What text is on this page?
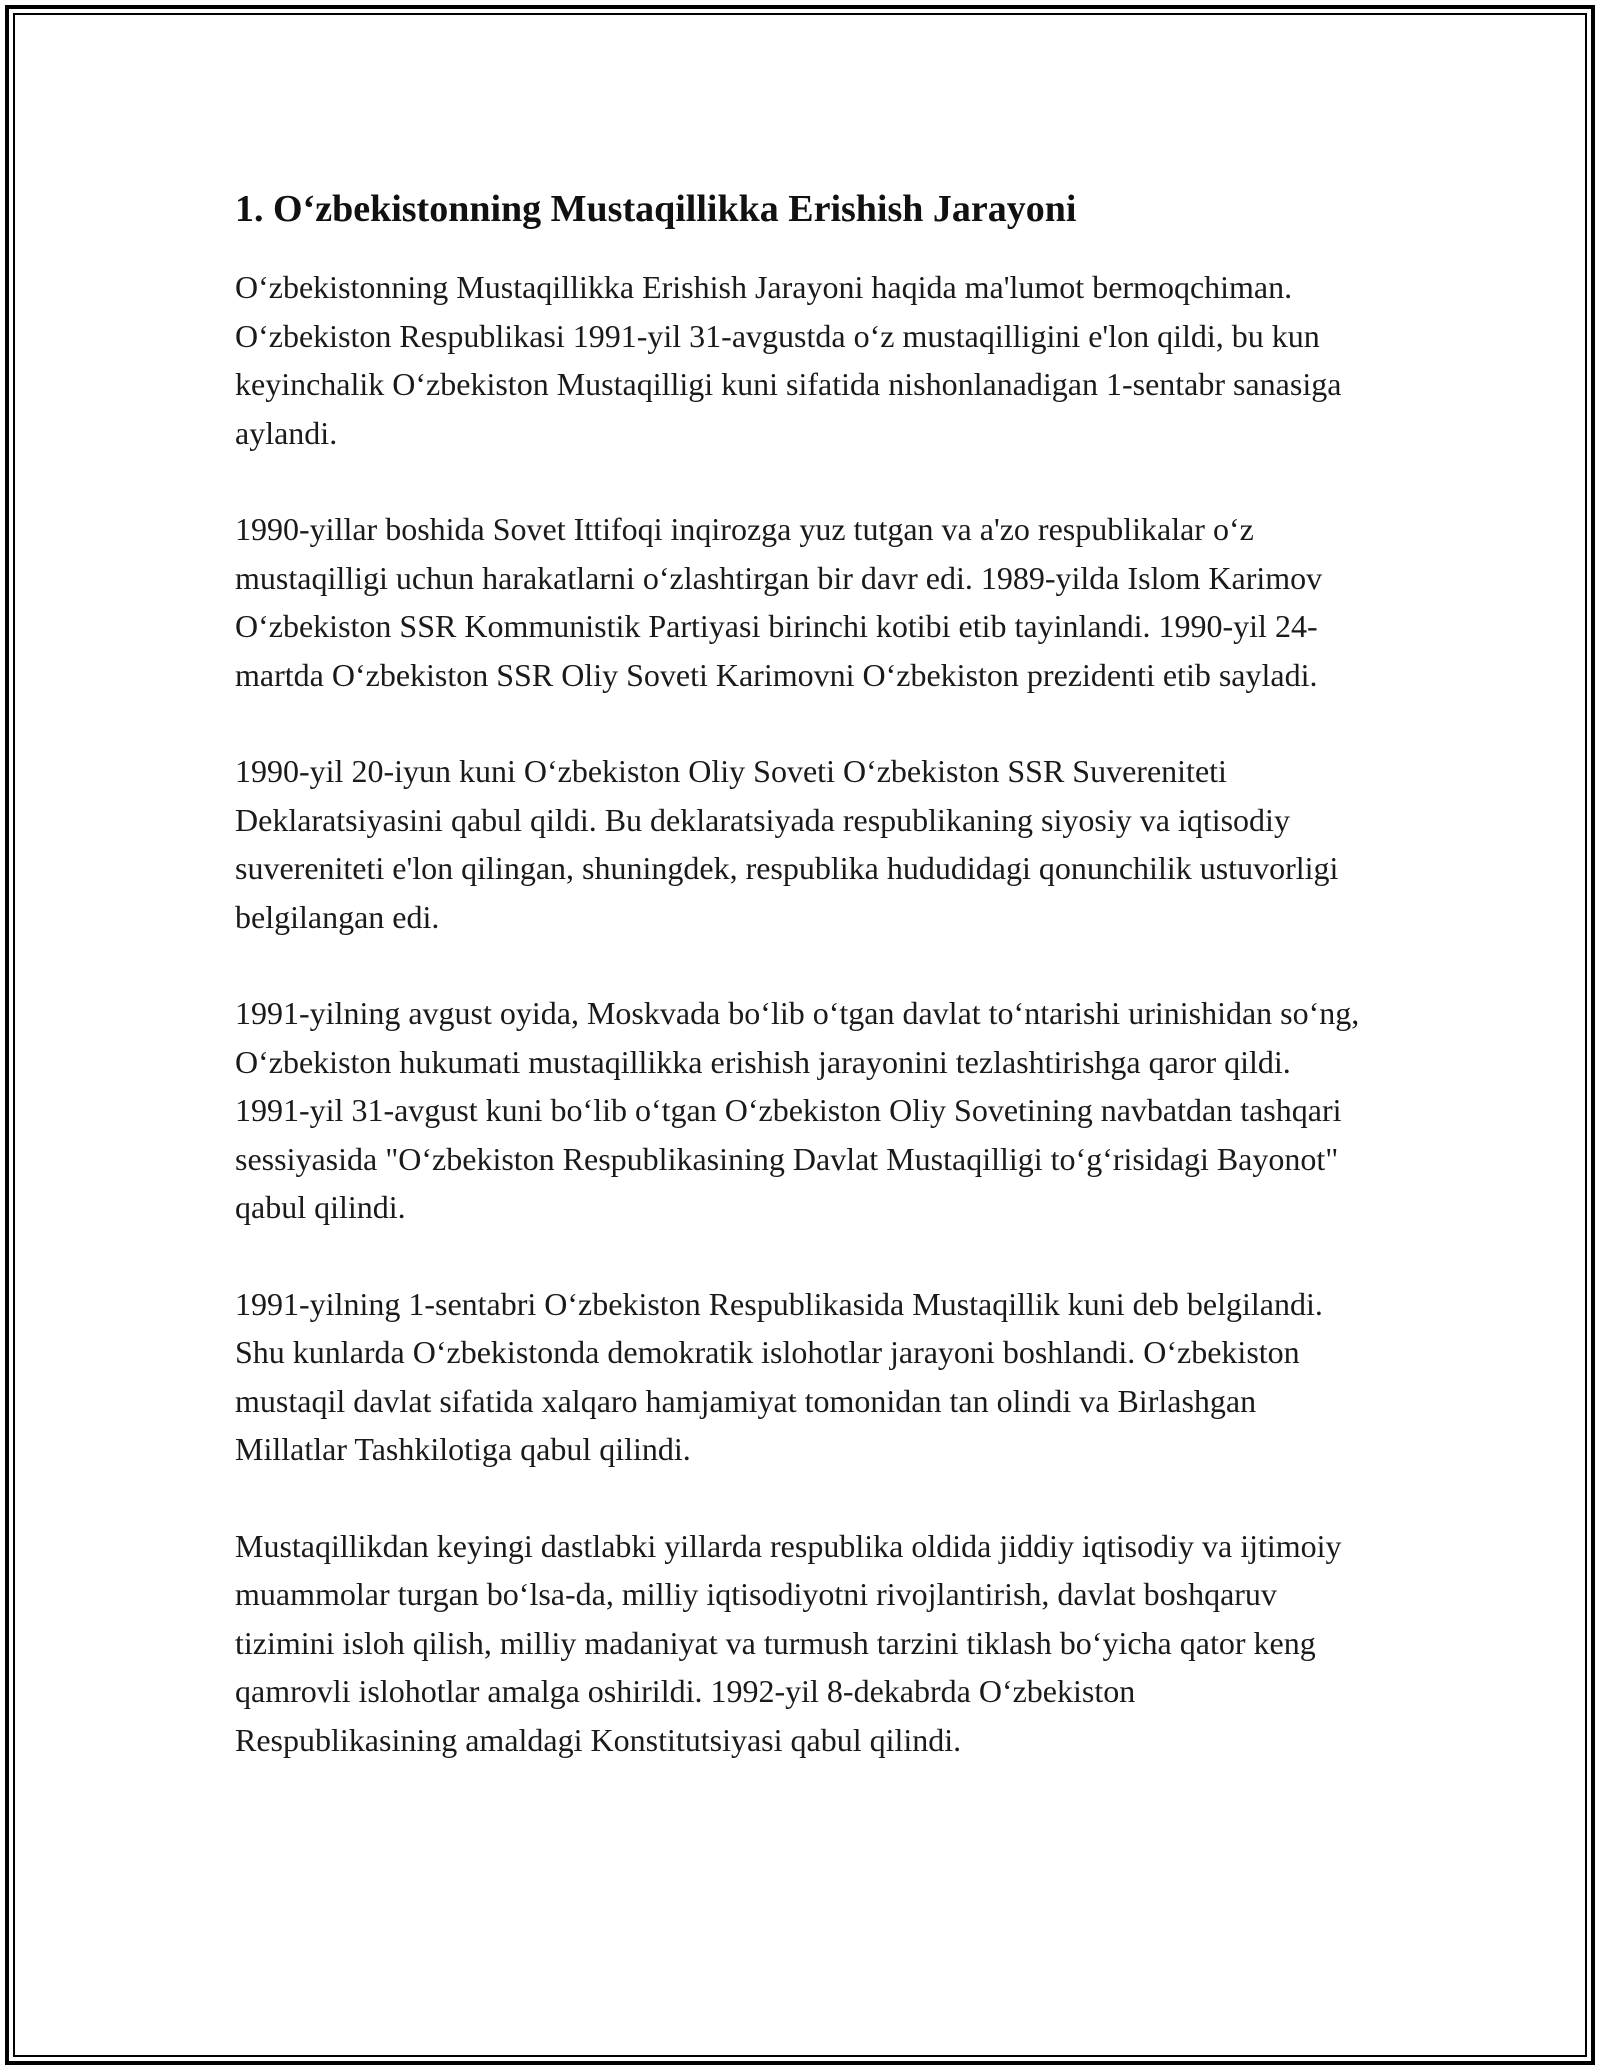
1. O‘zbekistonning Mustaqillikka Erishish Jarayoni

O‘zbekistonning Mustaqillikka Erishish Jarayoni haqida ma'lumot bermoqchiman. O‘zbekiston Respublikasi 1991-yil 31-avgustda o‘z mustaqilligini e'lon qildi, bu kun keyinchalik O‘zbekiston Mustaqilligi kuni sifatida nishonlanadigan 1-sentabr sanasiga aylandi.

1990-yillar boshida Sovet Ittifoqi inqirozga yuz tutgan va a'zo respublikalar o‘z mustaqilligi uchun harakatlarni o‘zlashtirgan bir davr edi. 1989-yilda Islom Karimov O‘zbekiston SSR Kommunistik Partiyasi birinchi kotibi etib tayinlandi. 1990-yil 24-martda O‘zbekiston SSR Oliy Soveti Karimovni O‘zbekiston prezidenti etib sayladi.

1990-yil 20-iyun kuni O‘zbekiston Oliy Soveti O‘zbekiston SSR Suvereniteti Deklaratsiyasini qabul qildi. Bu deklaratsiyada respublikaning siyosiy va iqtisodiy suvereniteti e'lon qilingan, shuningdek, respublika hududidagi qonunchilik ustuvorligi belgilangan edi.

1991-yilning avgust oyida, Moskvada bo‘lib o‘tgan davlat to‘ntarishi urinishidan so‘ng, O‘zbekiston hukumati mustaqillikka erishish jarayonini tezlashtirishga qaror qildi. 1991-yil 31-avgust kuni bo‘lib o‘tgan O‘zbekiston Oliy Sovetining navbatdan tashqari sessiyasida "O‘zbekiston Respublikasining Davlat Mustaqilligi to‘g‘risidagi Bayonot" qabul qilindi.

1991-yilning 1-sentabri O‘zbekiston Respublikasida Mustaqillik kuni deb belgilandi. Shu kunlarda O‘zbekistonda demokratik islohotlar jarayoni boshlandi. O‘zbekiston mustaqil davlat sifatida xalqaro hamjamiyat tomonidan tan olindi va Birlashgan Millatlar Tashkilotiga qabul qilindi.

Mustaqillikdan keyingi dastlabki yillarda respublika oldida jiddiy iqtisodiy va ijtimoiy muammolar turgan bo‘lsa-da, milliy iqtisodiyotni rivojlantirish, davlat boshqaruv tizimini isloh qilish, milliy madaniyat va turmush tarzini tiklash bo‘yicha qator keng qamrovli islohotlar amalga oshirildi. 1992-yil 8-dekabrda O‘zbekiston Respublikasining amaldagi Konstitutsiyasi qabul qilindi.
